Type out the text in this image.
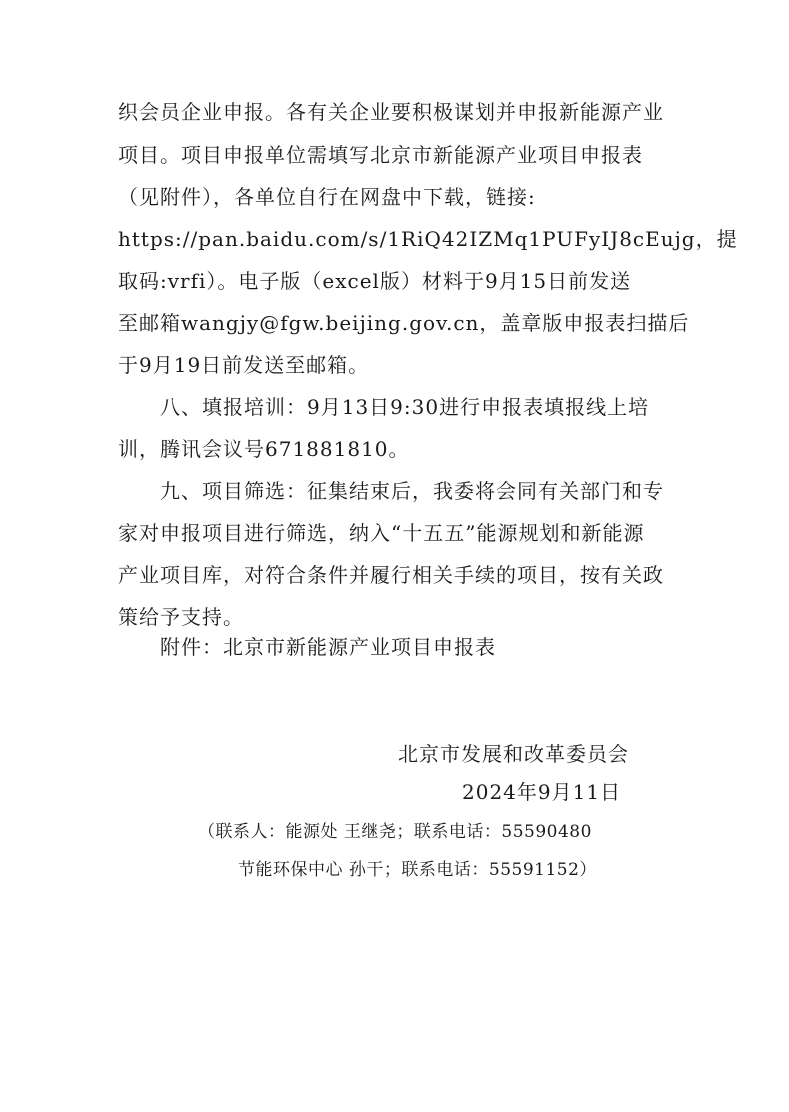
织会员企业申报。各有关企业要积极谋划并申报新能源产业
项目。项目申报单位需填写北京市新能源产业项目申报表
（见附件），各单位自行在网盘中下载，链接:
https://pan.baidu.com/s/1RiQ42IZMq1PUFyIJ8cEujg，提
取码:vrfi）。电子版（excel版）材料于9月15日前发送
至邮箱wangjy@fgw.beijing.gov.cn，盖章版申报表扫描后
于9月19日前发送至邮箱。
八、填报培训：9月13日9:30进行申报表填报线上培
训，腾讯会议号671881810。
九、项目筛选：征集结束后，我委将会同有关部门和专
家对申报项目进行筛选，纳入“十五五”能源规划和新能源
产业项目库，对符合条件并履行相关手续的项目，按有关政
策给予支持。
附件：北京市新能源产业项目申报表
北京市发展和改革委员会
2024年9月11日
（联系人：能源处 王继尧；联系电话：55590480
节能环保中心 孙干；联系电话：55591152）
